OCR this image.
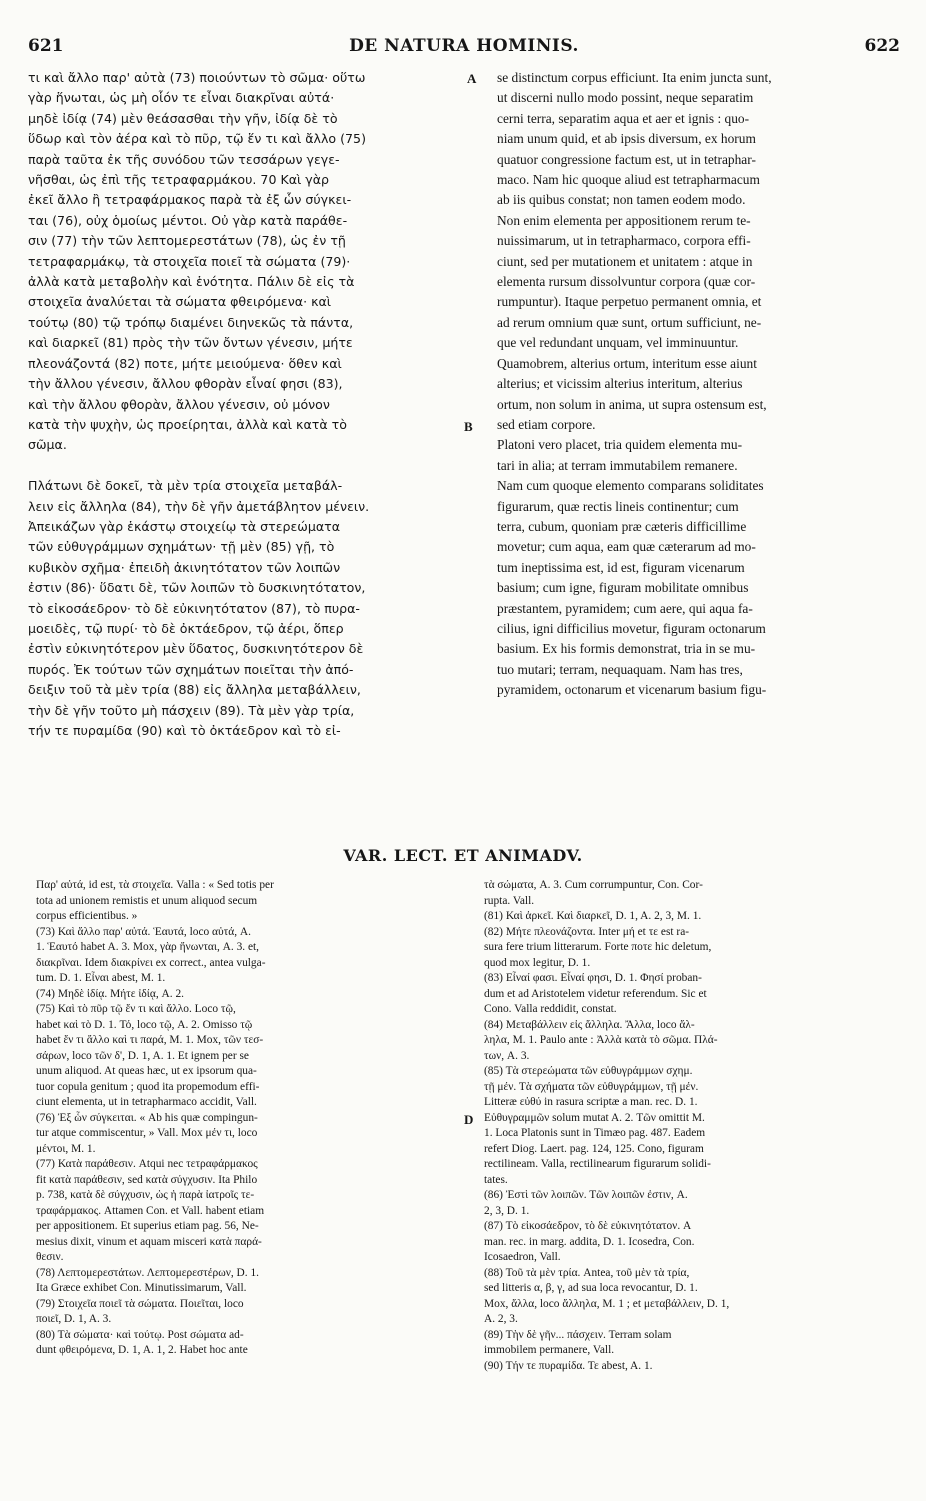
621	DE NATURA HOMINIS.	622
A
B
D
τι καὶ ἄλλο παρ' αὐτὰ (73) ποιούντων τὸ σῶμα· οὕτω
γὰρ ἥνωται, ὡς μὴ οἷόν τε εἶναι διακρῖναι αὐτά·
μηδὲ ἰδίᾳ (74) μὲν θεάσασθαι τὴν γῆν, ἰδίᾳ δὲ τὸ
ὕδωρ καὶ τὸν ἀέρα καὶ τὸ πῦρ, τῷ ἕν τι καὶ ἄλλο (75)
παρὰ ταῦτα ἐκ τῆς συνόδου τῶν τεσσάρων γεγε-
νῆσθαι, ὡς ἐπὶ τῆς τετραφαρμάκου. 70 Καὶ γὰρ
ἐκεῖ ἄλλο ἢ τετραφάρμακος παρὰ τὰ ἐξ ὧν σύγκει-
ται (76), οὐχ ὁμοίως μέντοι. Οὐ γὰρ κατὰ παράθε-
σιν (77) τὴν τῶν λεπτομερεστάτων (78), ὡς ἐν τῇ
τετραφαρμάκῳ, τὰ στοιχεῖα ποιεῖ τὰ σώματα (79)·
ἀλλὰ κατὰ μεταβολὴν καὶ ἑνότητα. Πάλιν δὲ εἰς τὰ
στοιχεῖα ἀναλύεται τὰ σώματα φθειρόμενα· καὶ
τούτῳ (80) τῷ τρόπῳ διαμένει διηνεκῶς τὰ πάντα,
καὶ διαρκεῖ (81) πρὸς τὴν τῶν ὄντων γένεσιν, μήτε
πλεονάζοντά (82) ποτε, μήτε μειούμενα· ὅθεν καὶ
τὴν ἄλλου γένεσιν, ἄλλου φθορὰν εἶναί φησι (83),
καὶ τὴν ἄλλου φθορὰν, ἄλλου γένεσιν, οὐ μόνον
κατὰ τὴν ψυχὴν, ὡς προείρηται, ἀλλὰ καὶ κατὰ τὸ
σῶμα.
Πλάτωνι δὲ δοκεῖ, τὰ μὲν τρία στοιχεῖα μεταβάλ-
λειν εἰς ἄλληλα (84), τὴν δὲ γῆν ἀμετάβλητον μένειν.
Ἀπεικάζων γὰρ ἑκάστῳ στοιχείῳ τὰ στερεώματα
τῶν εὐθυγράμμων σχημάτων· τῇ μὲν (85) γῇ, τὸ
κυβικὸν σχῆμα· ἐπειδὴ ἀκινητότατον τῶν λοιπῶν
ἐστιν (86)· ὕδατι δὲ, τῶν λοιπῶν τὸ δυσκινητότατον,
τὸ εἰκοσάεδρον· τὸ δὲ εὐκινητότατον (87), τὸ πυρα-
μοειδὲς, τῷ πυρί· τὸ δὲ ὀκτάεδρον, τῷ ἀέρι, ὅπερ
ἐστὶν εὐκινητότερον μὲν ὕδατος, δυσκινητότερον δὲ
πυρός. Ἐκ τούτων τῶν σχημάτων ποιεῖται τὴν ἀπό-
δειξιν τοῦ τὰ μὲν τρία (88) εἰς ἄλληλα μεταβάλλειν,
τὴν δὲ γῆν τοῦτο μὴ πάσχειν (89). Τὰ μὲν γὰρ τρία,
τήν τε πυραμίδα (90) καὶ τὸ ὀκτάεδρον καὶ τὸ εἰ-
se distinctum corpus efficiunt. Ita enim juncta sunt,
ut discerni nullo modo possint, neque separatim
cerni terra, separatim aqua et aer et ignis : quo-
niam unum quid, et ab ipsis diversum, ex horum
quatuor congressione factum est, ut in tetraphar-
maco. Nam hic quoque aliud est tetrapharmacum
ab iis quibus constat; non tamen eodem modo.
Non enim elementa per appositionem rerum te-
nuissimarum, ut in tetrapharmaco, corpora effi-
ciunt, sed per mutationem et unitatem : atque in
elementa rursum dissolvuntur corpora (quæ cor-
rumpuntur). Itaque perpetuo permanent omnia, et
ad rerum omnium quæ sunt, ortum sufficiunt, ne-
que vel redundant unquam, vel imminuuntur.
Quamobrem, alterius ortum, interitum esse aiunt
alterius; et vicissim alterius interitum, alterius
ortum, non solum in anima, ut supra ostensum est,
sed etiam corpore.
Platoni vero placet, tria quidem elementa mu-
tari in alia; at terram immutabilem remanere.
Nam cum quoque elemento comparans soliditates
figurarum, quæ rectis lineis continentur; cum
terra, cubum, quoniam præ cæteris difficillime
movetur; cum aqua, eam quæ cæterarum ad mo-
tum ineptissima est, id est, figuram vicenarum
basium; cum igne, figuram mobilitate omnibus
præstantem, pyramidem; cum aere, qui aqua fa-
cilius, igni difficilius movetur, figuram octonarum
basium. Ex his formis demonstrat, tria in se mu-
tuo mutari; terram, nequaquam. Nam has tres,
pyramidem, octonarum et vicenarum basium figu-
VAR. LECT. ET ANIMADV.
Παρ' αὐτά, id est, τὰ στοιχεῖα. Valla : « Sed totis per
tota ad unionem remistis et unum aliquod secum
corpus efficientibus. »
(73) Καὶ ἄλλο παρ' αὐτά. Ἑαυτά, loco αὐτά, A.
1. Ἑαυτό habet A. 3. Mox, γὰρ ἥνωνται, A. 3. et,
διακρῖναι. Idem διακρίνει ex correct., antea vulga-
tum. D. 1. Εἶναι abest, M. 1.
(74) Μηδὲ ἰδίᾳ. Μήτε ἰδίᾳ, A. 2.
(75) Καὶ τὸ πῦρ τῷ ἕν τι καὶ ἄλλο. Loco τῷ,
habet καὶ τὸ D. 1. Τό, loco τῷ, A. 2. Omisso τῷ
habet ἕν τι ἄλλο καὶ τι παρά, M. 1. Mox, τῶν τεσ-
σάρων, loco τῶν δ', D. 1, A. 1. Et ignem per se
unum aliquod. At queas hæc, ut ex ipsorum qua-
tuor copula genitum ; quod ita propemodum effi-
ciunt elementa, ut in tetrapharmaco accidit, Vall.
(76) Ἐξ ὧν σύγκειται. « Ab his quæ compingun-
tur atque commiscentur, » Vall. Mox μέν τι, loco
μέντοι, M. 1.
(77) Κατὰ παράθεσιν. Atqui nec τετραφάρμακος
fit κατὰ παράθεσιν, sed κατὰ σύγχυσιν. Ita Philo
p. 738, κατὰ δὲ σύγχυσιν, ὡς ἡ παρὰ ἰατροῖς τε-
τραφάρμακος. Attamen Con. et Vall. habent etiam
per appositionem. Et superius etiam pag. 56, Ne-
mesius dixit, vinum et aquam misceri κατὰ παρά-
θεσιν.
(78) Λεπτομερεστάτων. Λεπτομερεστέρων, D. 1.
Ita Græce exhibet Con. Minutissimarum, Vall.
(79) Στοιχεῖα ποιεῖ τὰ σώματα. Ποιεῖται, loco
ποιεῖ, D. 1, A. 3.
(80) Τὰ σώματα· καὶ τούτῳ. Post σώματα ad-
dunt φθειρόμενα, D. 1, A. 1, 2. Habet hoc ante
τὰ σώματα, A. 3. Cum corrumpuntur, Con. Cor-
rupta. Vall.
(81) Καὶ ἀρκεῖ. Καὶ διαρκεῖ, D. 1, A. 2, 3, M. 1.
(82) Μήτε πλεονάζοντα. Inter μή et τε est ra-
sura fere trium litterarum. Forte ποτε hic deletum,
quod mox legitur, D. 1.
(83) Εἶναί φασι. Εἶναί φησι, D. 1. Φησί proban-
dum et ad Aristotelem videtur referendum. Sic et
Cono. Valla reddidit, constat.
(84) Μεταβάλλειν εἰς ἄλληλα. Ἄλλα, loco ἄλ-
ληλα, M. 1. Paulo ante : Ἀλλὰ κατὰ τὸ σῶμα. Πλά-
των, A. 3.
(85) Τὰ στερεώματα τῶν εὐθυγράμμων σχημ.
τῇ μέν. Τὰ σχήματα τῶν εὐθυγράμμων, τῇ μέν.
Litteræ εὐθύ in rasura scriptæ a man. rec. D. 1.
Εὐθυγραμμῶν solum mutat A. 2. Τῶν omittit M.
1. Loca Platonis sunt in Timæo pag. 487. Eadem
refert Diog. Laert. pag. 124, 125. Cono, figuram
rectilineam. Valla, rectilinearum figurarum solidi-
tates.
(86) Ἐστὶ τῶν λοιπῶν. Τῶν λοιπῶν ἐστιν, A.
2, 3, D. 1.
(87) Τὸ εἰκοσάεδρον, τὸ δὲ εὐκινητότατον. A
man. rec. in marg. addita, D. 1. Icosedra, Con.
Icosaedron, Vall.
(88) Τοῦ τὰ μὲν τρία. Antea, τοῦ μὲν τὰ τρία,
sed litteris α, β, γ, ad sua loca revocantur, D. 1.
Mox, ἄλλα, loco ἄλληλα, M. 1 ; et μεταβάλλειν, D. 1,
A. 2, 3.
(89) Τὴν δὲ γῆν... πάσχειν. Terram solam
immobilem permanere, Vall.
(90) Τήν τε πυραμίδα. Τε abest, A. 1.
